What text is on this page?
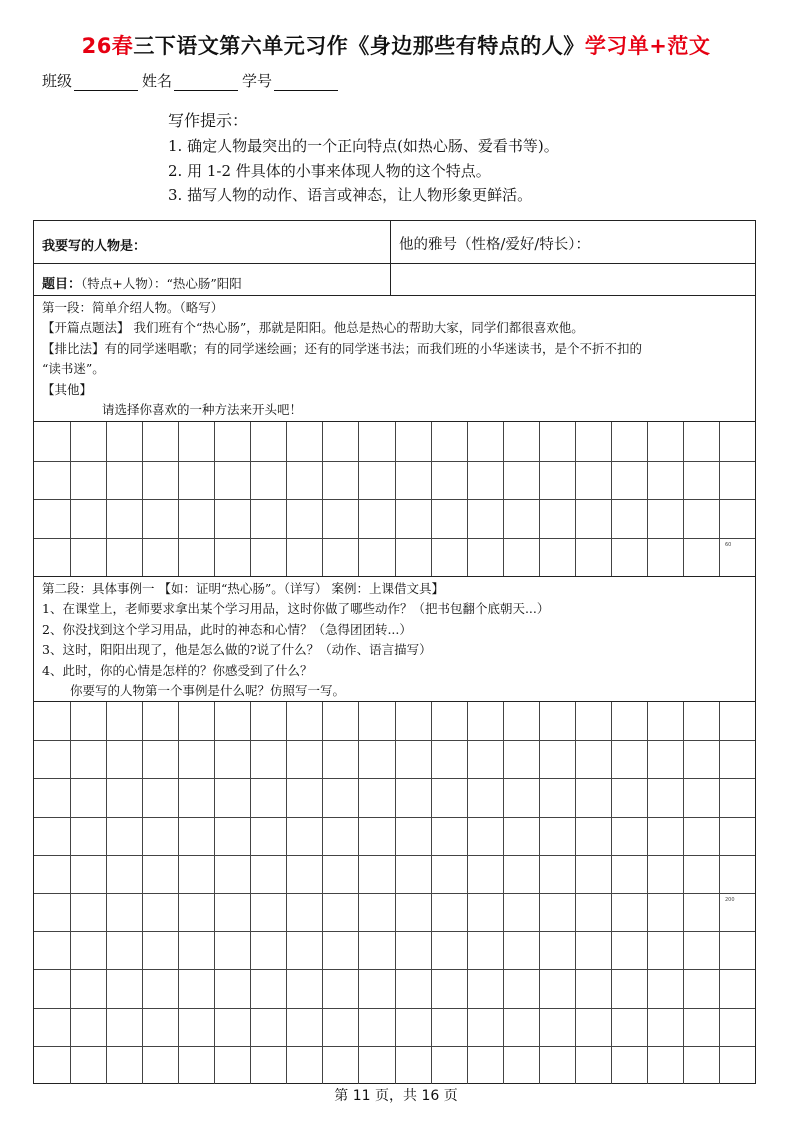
26春三下语文第六单元习作《身边那些有特点的人》学习单+范文
班级	姓名	学号
写作提示：
1. 确定人物最突出的一个正向特点(如热心肠、爱看书等)。
2. 用 1-2 件具体的小事来体现人物的这个特点。
3. 描写人物的动作、语言或神态，让人物形象更鲜活。
我要写的人物是：	他的雅号（性格/爱好/特长）：
题目：（特点+人物）：“热心肠”阳阳
第一段：简单介绍人物。（略写）
【开篇点题法】 我们班有个“热心肠”，那就是阳阳。他总是热心的帮助大家，同学们都很喜欢他。
【排比法】有的同学迷唱歌；有的同学迷绘画；还有的同学迷书法；而我们班的小华迷读书，是个不折不扣的
“读书迷”。
【其他】
请选择你喜欢的一种方法来开头吧！
60
第二段：具体事例一 【如：证明“热心肠”。（详写） 案例：上课借文具】
1、在课堂上，老师要求拿出某个学习用品，这时你做了哪些动作？（把书包翻个底朝天...）
2、你没找到这个学习用品，此时的神态和心情？（急得团团转...）
3、这时，阳阳出现了，他是怎么做的?说了什么？（动作、语言描写）
4、此时，你的心情是怎样的？你感受到了什么？
你要写的人物第一个事例是什么呢？仿照写一写。
200
第 11 页，共 16 页
